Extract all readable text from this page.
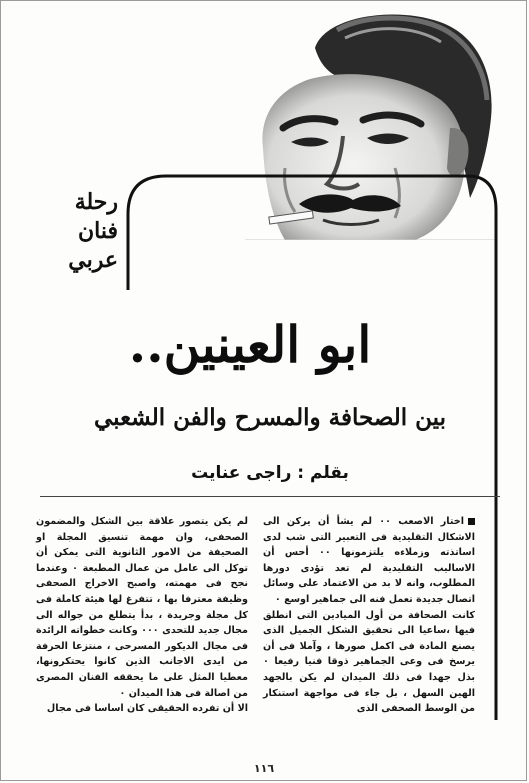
رحلة
فنان
عربي
ابو العينين..
بين الصحافة والمسرح والفن الشعبي
بقلم : راجى عنايت

اختار الاصعب ٠٠ لم يشأ أن يركن الى الاشكال التقليدية فى التعبير التى شب لدى اساتذته وزملاءه يلتزمونها ٠٠ أحس أن الاساليب التقليدية لم تعد تؤدى دورها المطلوب، وانه لا بد من الاعتماد على وسائل اتصال جديدة تعمل فنه الى جماهير اوسع ٠

كانت الصحافة من أول الميادين التى انطلق فيها ،ساعيا الى تحقيق الشكل الجميل الذى يصنع المادة فى اكمل صورها ، وآملا فى أن يرسخ فى وعى الجماهير ذوقا فنيا رفيعا ٠ بذل جهدا فى ذلك الميدان لم يكن بالجهد الهين السهل ، بل جاء فى مواجهة استنكار من الوسط الصحفى الذى

لم يكن يتصور علاقة بين الشكل والمضمون الصحفى، وان مهمة تنسيق المجلة او الصحيفة من الامور الثانوية التى يمكن أن توكل الى عامل من عمال المطبعة ٠ وعندما نجح فى مهمته، واصبح الاخراج الصحفى وظيفة معترفا بها ، تتفرغ لها هيئة كاملة فى كل مجلة وجريدة ، بدأ يتطلع من جواله الى مجال جديد للتحدى ٠٠٠ وكانت خطواته الرائدة فى مجال الديكور المسرحى ، منتزعا الحرفة من ايدى الاجانب الذين كانوا يحتكرونها، معطيا المثل على ما يحققه الفنان المصرى من اصالة فى هذا الميدان ٠

الا أن تفرده الحقيقى كان اساسا فى مجال

١١٦
